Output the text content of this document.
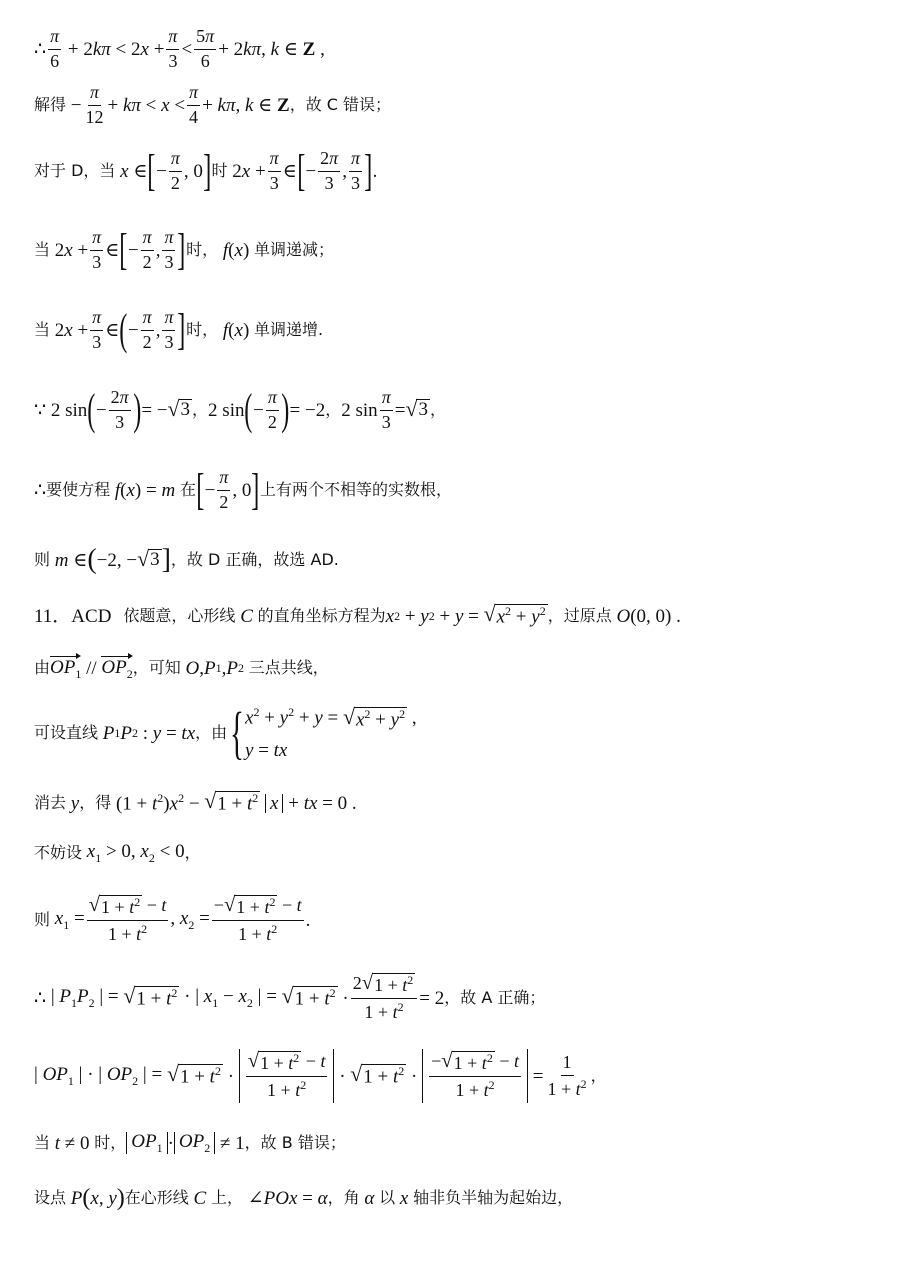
∴ $\frac{\pi}{6} + 2k\pi < 2x + \frac{\pi}{3} < \frac{5\pi}{6} + 2k\pi$, k ∈ Z ,
解得 − $\frac{\pi}{12} + k\pi < x < \frac{\pi}{4} + k\pi$, k ∈ Z ，故 C 错误；
对于 D，当 x ∈ [ − $\frac{\pi}{2}$ , 0 ] 时 $2x + \frac{\pi}{3}$ ∈ [ − $\frac{2\pi}{3}$ , $\frac{\pi}{3}$ ] .
当 $2x + \frac{\pi}{3}$ ∈ [ − $\frac{\pi}{2}$ , $\frac{\pi}{3}$ ] 时， f(x) 单调递减；
当 $2x + \frac{\pi}{3}$ ∈ ( − $\frac{\pi}{2}$ , $\frac{\pi}{3}$ ] 时， f(x) 单调递增.
∵ 2 sin ( − $\frac{2\pi}{3}$ ) = − √ 3 ， 2 sin ( − $\frac{\pi}{2}$ ) = −2 ， 2 $\sin \frac{\pi}{3}$ = √ 3 ，
∴ 要使方程 f(x) = m 在 [ − $\frac{\pi}{2}$ , 0 ] 上有两个不相等的实数根，
则 m ∈ ( −2, − √ 3 ] ，故 D 正确，故选 AD.
11．ACD 依题意，心形线 C 的直角坐标方程为 x 2 + y 2 + y = √ $x^2 + y^2$ ，过原点 O(0, 0) .
由 $OP_1 // OP_2$ ，可知 O , P 1 , P 2
三点共线，
可设直线 P 1 P 2 : y = tx ，由 { $x^2 + y^2 + y$ = √ $x^2 + y^2$ ,
y = tx
消去 y ，得 $(1 + t^2)x^2$ − √ $1 + t^2$
x + tx = 0 .
不妨设 $x_1 > 0$, $x_2 < 0$ ，
则 $x_1 = \frac{√ 1 + t^2 - t}{1 + t^2}$ , $x_2 = \frac{- √ 1 + t^2 - t}{1 + t^2}$ .
∴ | $P_1P_2$ | = √ $1 + t^2$ · | $x_1 - x_2$ | = √ $1 + t^2 \cdot \frac{2 √ 1 + t^2}{1 + t^2} = 2$ ，故 A 正确；
| $OP_1$ | · | $OP_2$ | = √ $1 + t^2 \cdot \frac{√ 1 + t^2 - t}{1 + t^2}$ · √ $1 + t^2 \cdot \frac{- √ 1 + t^2 - t}{1 + t^2} = \frac{1}{1 + t^2}$ ，
当 t ≠ 0 时， $OP_1 \cdot OP_2 \ne 1$ ，故 B 错误；
设点 P ( x , y ) 在心形线 C 上， ∠POx = α ，角 α 以 x 轴非负半轴为起始边，
